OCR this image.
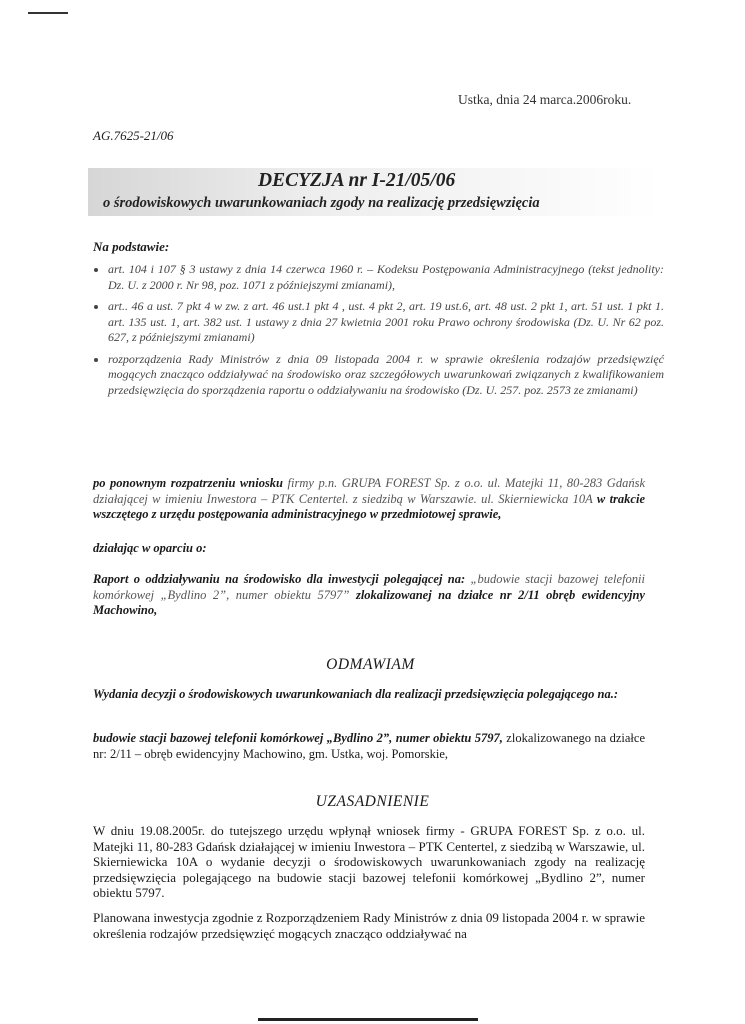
Ustka, dnia 24 marca.2006roku.
AG.7625-21/06
DECYZJA nr I-21/05/06
o środowiskowych uwarunkowaniach zgody na realizację przedsięwzięcia
Na podstawie:
• art. 104 i 107 § 3 ustawy z dnia 14 czerwca 1960 r. – Kodeksu Postępowania Administracyjnego (tekst jednolity: Dz. U. z 2000 r. Nr 98, poz. 1071 z późniejszymi zmianami),
• art.. 46 a ust. 7 pkt 4 w zw. z art. 46 ust.1 pkt 4 , ust. 4 pkt 2, art. 19 ust.6, art. 48 ust. 2 pkt 1, art. 51 ust. 1 pkt 1. art. 135 ust. 1, art. 382 ust. 1 ustawy z dnia 27 kwietnia 2001 roku Prawo ochrony środowiska (Dz. U. Nr 62 poz. 627, z późniejszymi zmianami)
• rozporządzenia Rady Ministrów z dnia 09 listopada 2004 r. w sprawie określenia rodzajów przedsięwzięć mogących znacząco oddziaływać na środowisko oraz szczegółowych uwarunkowań związanych z kwalifikowaniem przedsięwzięcia do sporządzenia raportu o oddziaływaniu na środowisko (Dz. U. 257. poz. 2573 ze zmianami)
po ponownym rozpatrzeniu wniosku firmy p.n. GRUPA FOREST Sp. z o.o. ul. Matejki 11, 80-283 Gdańsk działającej w imieniu Inwestora – PTK Centertel. z siedzibą w Warszawie. ul. Skierniewicka 10A w trakcie wszczętego z urzędu postępowania administracyjnego w przedmiotowej sprawie,
działając w oparciu o:
Raport o oddziaływaniu na środowisko dla inwestycji polegającej na: „budowie stacji bazowej telefonii komórkowej „Bydlino 2”, numer obiektu 5797” zlokalizowanej na działce nr 2/11 obręb ewidencyjny Machowino,
ODMAWIAM
Wydania decyzji o środowiskowych uwarunkowaniach dla realizacji przedsięwzięcia polegającego na.:
budowie stacji bazowej telefonii komórkowej „Bydlino 2”, numer obiektu 5797, zlokalizowanego na działce nr: 2/11 – obręb ewidencyjny Machowino, gm. Ustka, woj. Pomorskie,
UZASADNIENIE
W dniu 19.08.2005r. do tutejszego urzędu wpłynął wniosek firmy - GRUPA FOREST Sp. z o.o. ul. Matejki 11, 80-283 Gdańsk działającej w imieniu Inwestora – PTK Centertel, z siedzibą w Warszawie, ul. Skierniewicka 10A o wydanie decyzji o środowiskowych uwarunkowaniach zgody na realizację przedsięwzięcia polegającego na budowie stacji bazowej telefonii komórkowej „Bydlino 2”, numer obiektu 5797.
Planowana inwestycja zgodnie z Rozporządzeniem Rady Ministrów z dnia 09 listopada 2004 r. w sprawie określenia rodzajów przedsięwzięć mogących znacząco oddziaływać na
